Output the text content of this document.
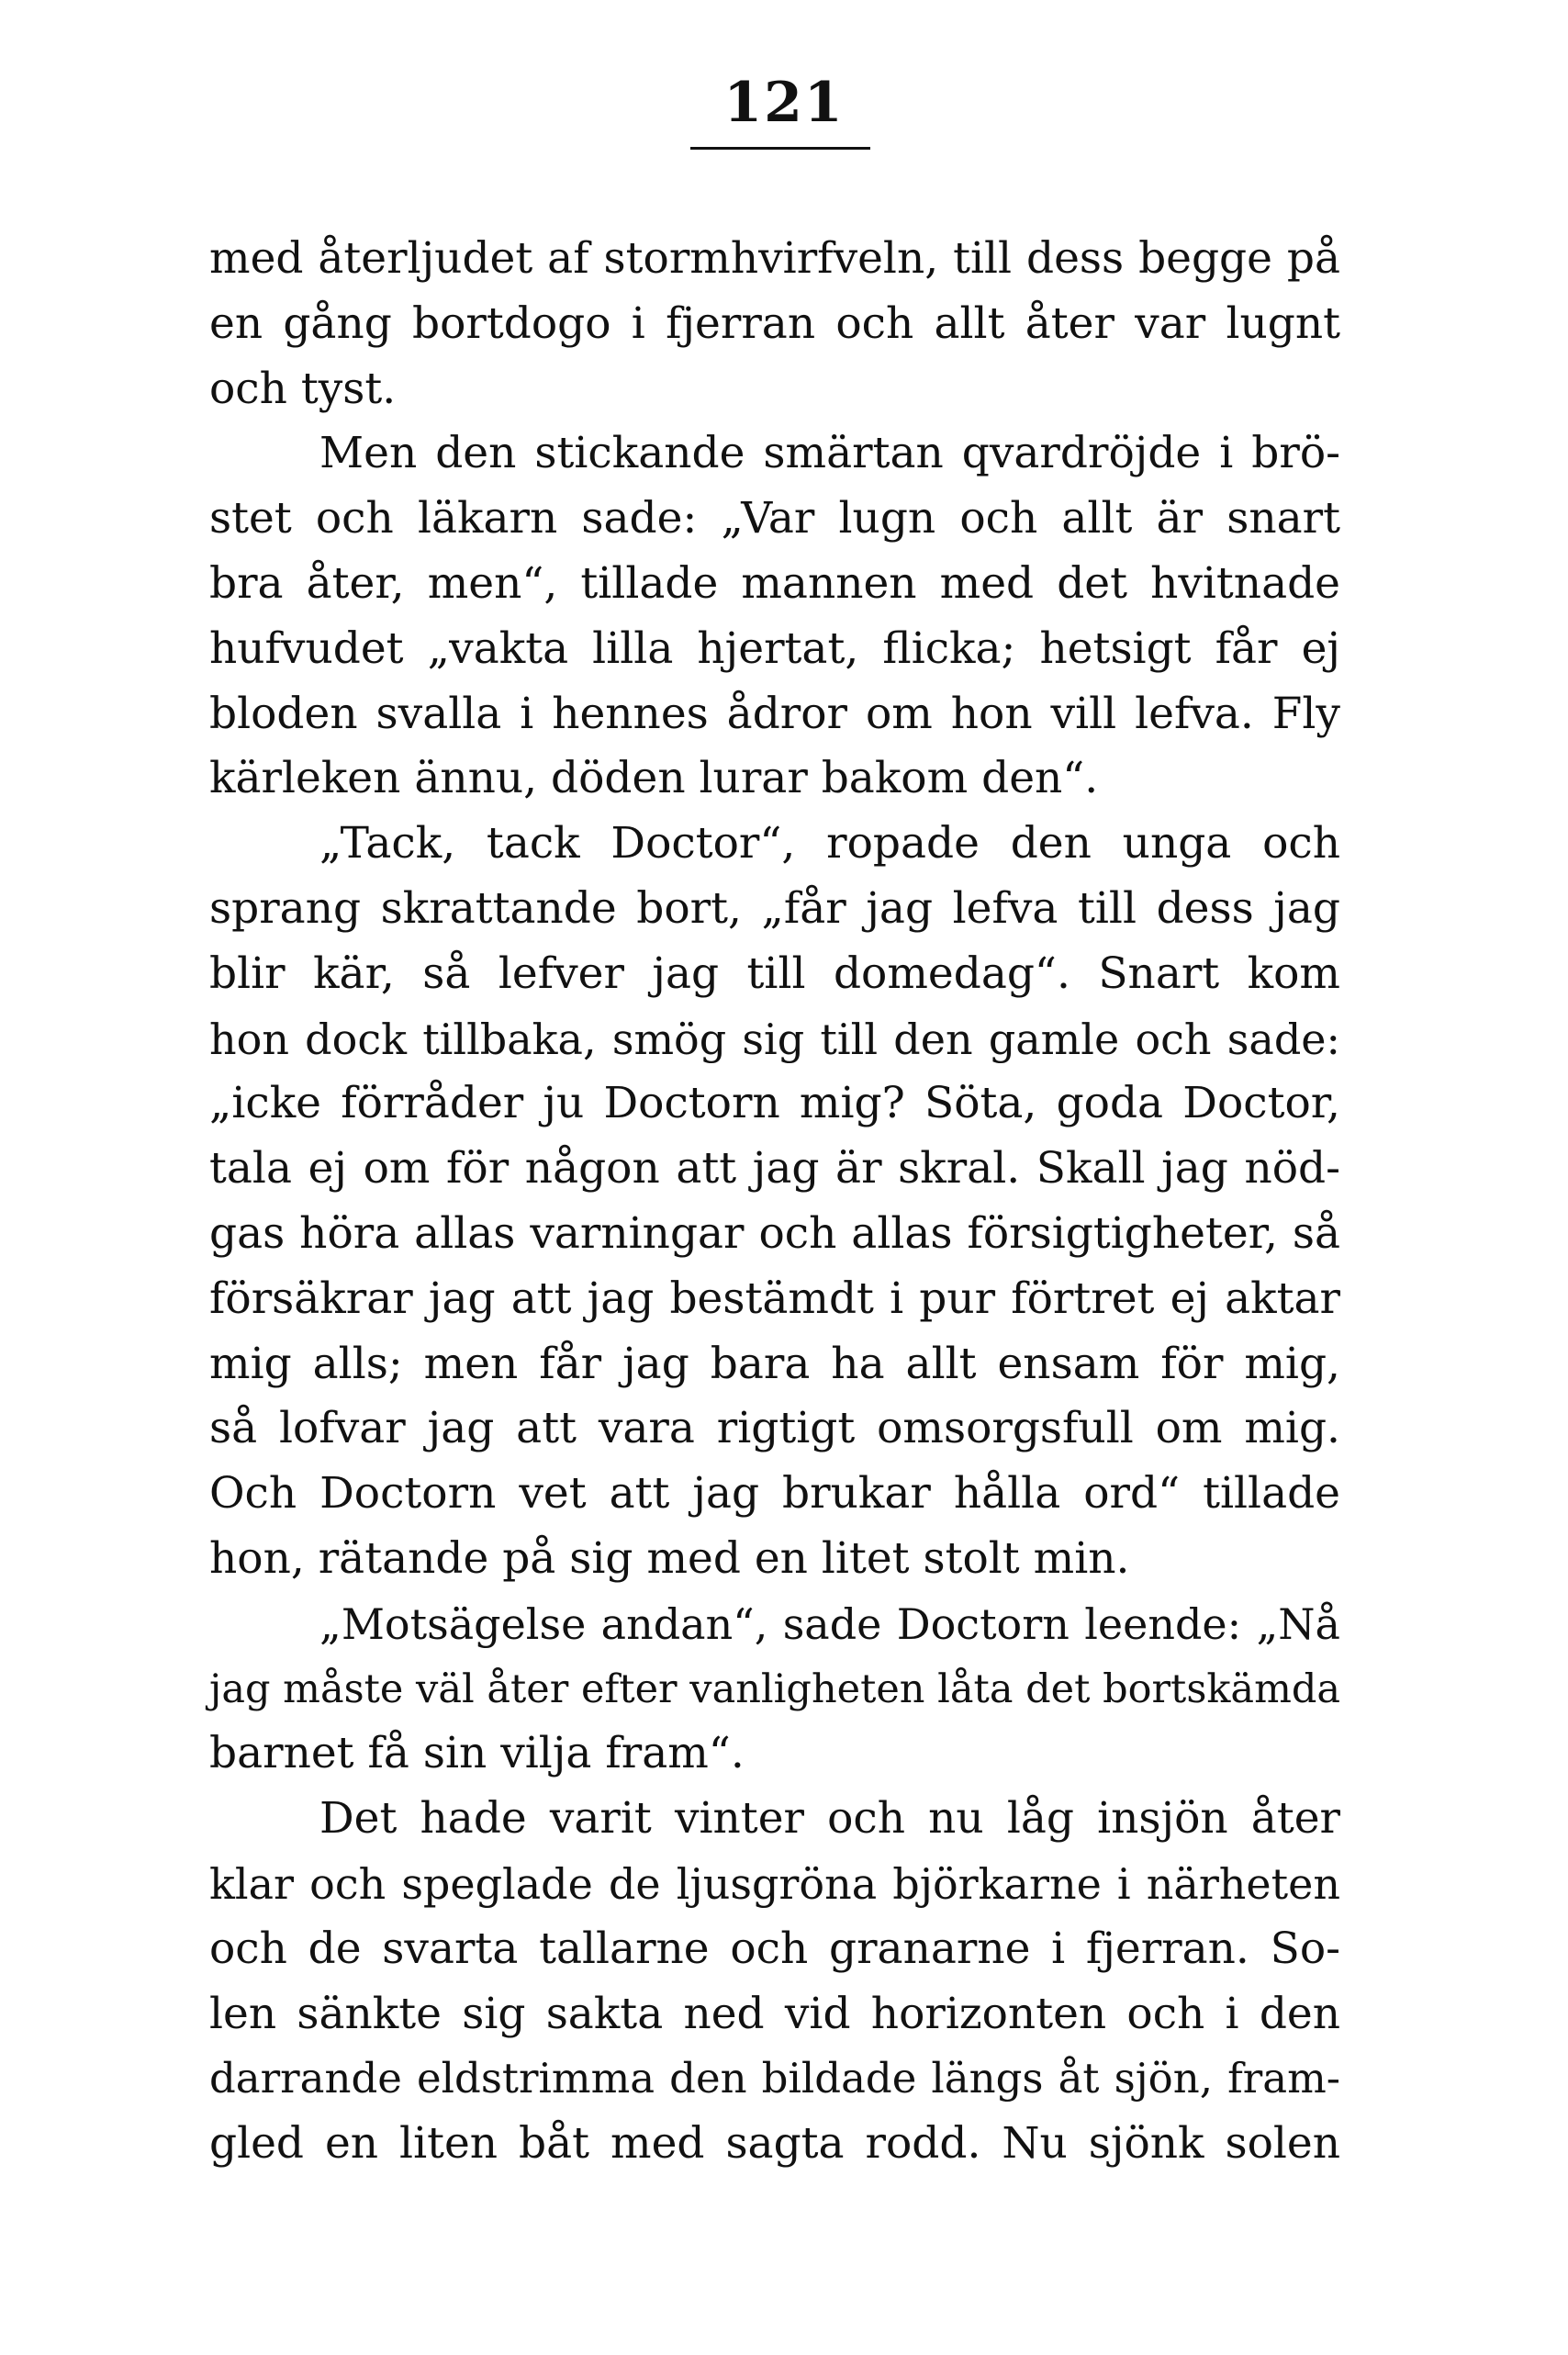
121
med återljudet af stormhvirfveln, till dess begge på
en gång bortdogo i fjerran och allt åter var lugnt
och tyst.
Men den stickande smärtan qvardröjde i brö-
stet och läkarn sade: „Var lugn och allt är snart
bra åter, men“, tillade mannen med det hvitnade
hufvudet „vakta lilla hjertat, flicka; hetsigt får ej
bloden svalla i hennes ådror om hon vill lefva. Fly
kärleken ännu, döden lurar bakom den“.
„Tack, tack Doctor“, ropade den unga och
sprang skrattande bort, „får jag lefva till dess jag
blir kär, så lefver jag till domedag“. Snart kom
hon dock tillbaka, smög sig till den gamle och sade:
„icke förråder ju Doctorn mig? Söta, goda Doctor,
tala ej om för någon att jag är skral. Skall jag nöd-
gas höra allas varningar och allas försigtigheter, så
försäkrar jag att jag bestämdt i pur förtret ej aktar
mig alls; men får jag bara ha allt ensam för mig,
så lofvar jag att vara rigtigt omsorgsfull om mig.
Och Doctorn vet att jag brukar hålla ord“ tillade
hon, rätande på sig med en litet stolt min.
„Motsägelse andan“, sade Doctorn leende: „Nå
jag måste väl åter efter vanligheten låta det bortskämda
barnet få sin vilja fram“.
Det hade varit vinter och nu låg insjön åter
klar och speglade de ljusgröna björkarne i närheten
och de svarta tallarne och granarne i fjerran. So-
len sänkte sig sakta ned vid horizonten och i den
darrande eldstrimma den bildade längs åt sjön, fram-
gled en liten båt med sagta rodd. Nu sjönk solen
